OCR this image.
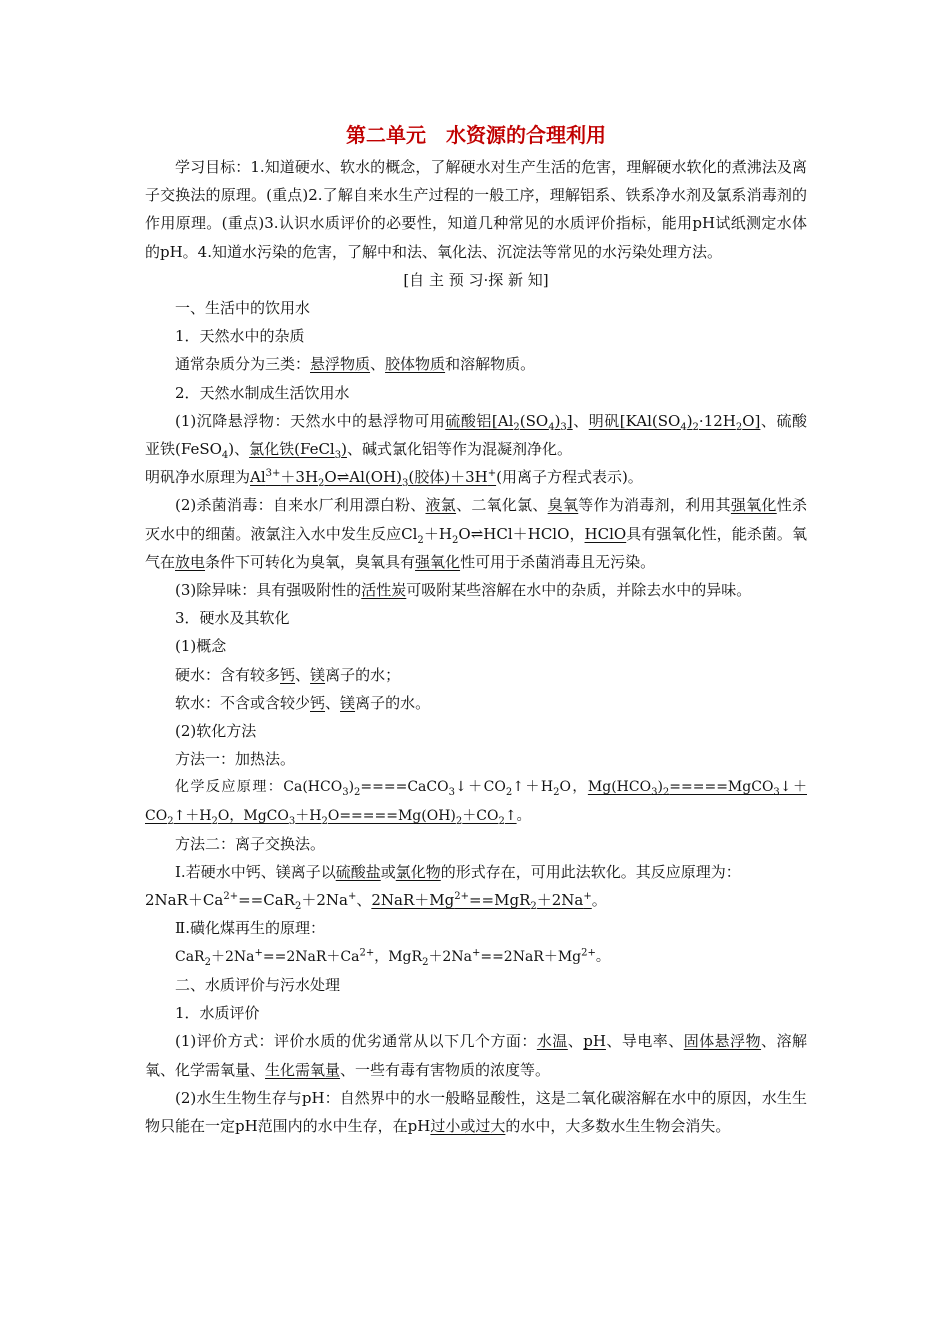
第二单元　水资源的合理利用

学习目标：1.知道硬水、软水的概念，了解硬水对生产生活的危害，理解硬水软化的煮沸法及离子交换法的原理。(重点)2.了解自来水生产过程的一般工序，理解铝系、铁系净水剂及氯系消毒剂的作用原理。(重点)3.认识水质评价的必要性，知道几种常见的水质评价指标，能用pH试纸测定水体的pH。4.知道水污染的危害，了解中和法、氧化法、沉淀法等常见的水污染处理方法。

[自 主 预 习·探 新 知]

一、生活中的饮用水

1．天然水中的杂质

通常杂质分为三类：悬浮物质、胶体物质和溶解物质。

2．天然水制成生活饮用水

(1)沉降悬浮物：天然水中的悬浮物可用硫酸铝$[Al_2(SO_4)_3]$、明矾$[KAl(SO_4)_2\cdot 12H_2O]$、硫酸亚铁(FeSO$_4$)、氯化铁(FeCl$_3$)、碱式氯化铝等作为混凝剂净化。
明矾净水原理为$Al^{3+}+3H_2O\rightleftharpoons Al(OH)_3$(胶体)＋3H+(用离子方程式表示)。

(2)杀菌消毒：自来水厂利用漂白粉、液氯、二氧化氯、臭氧等作为消毒剂，利用其强氧化性杀灭水中的细菌。液氯注入水中发生反应$Cl_2+H_2O\rightleftharpoons HCl+HClO$，HClO具有强氧化性，能杀菌。氧气在放电条件下可转化为臭氧，臭氧具有强氧化性可用于杀菌消毒且无污染。

(3)除异味：具有强吸附性的活性炭可吸附某些溶解在水中的杂质，并除去水中的异味。

3．硬水及其软化

(1)概念

硬水：含有较多钙、镁离子的水；

软水：不含或含较少钙、镁离子的水。

(2)软化方法

方法一：加热法。

化学反应原理：$Ca(HCO_3)_2====CaCO_3↓+CO_2↑+H_2O$，$Mg(HCO_3)_2=====MgCO_3↓+CO_2↑+H_2O$，$MgCO_3+H_2O=====Mg(OH)_2+CO_2↑$。

方法二：离子交换法。

Ⅰ.若硬水中钙、镁离子以硫酸盐或氯化物的形式存在，可用此法软化。其反应原理为：
$2NaR+Ca^{2+}==CaR_2+2Na^+$、$2NaR+Mg^{2+}==MgR_2+2Na^+$。

Ⅱ.磺化煤再生的原理：

$CaR_2+2Na^+==2NaR+Ca^{2+}$，$MgR_2+2Na^+==2NaR+Mg^{2+}$。

二、水质评价与污水处理

1．水质评价

(1)评价方式：评价水质的优劣通常从以下几个方面：水温、pH、导电率、固体悬浮物、溶解氧、化学需氧量、生化需氧量、一些有毒有害物质的浓度等。

(2)水生生物生存与pH：自然界中的水一般略显酸性，这是二氧化碳溶解在水中的原因，水生生物只能在一定pH范围内的水中生存，在pH过小或过大的水中，大多数水生生物会消失。
